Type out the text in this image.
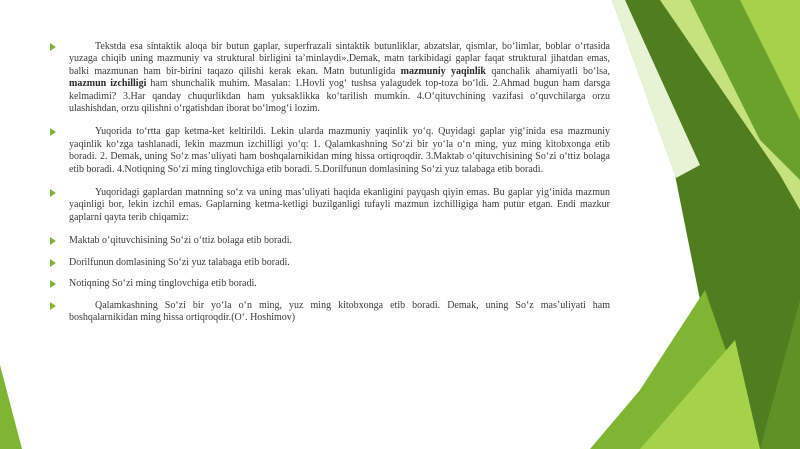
Tekstda esa sintaktik aloqa bir butun gaplar, superfrazali sintaktik butunliklar, abzatslar, qismlar, bo‘limlar, boblar o‘rtasida yuzaga chiqib uning mazmuniy va struktural birligini ta’minlaydi».Demak, matn tarkibidagi gaplar faqat struktural jihatdan emas, balki mazmunan ham bir-birini taqazo qilishi kerak ekan. Matn butunligida mazmuniy yaqinlik qanchalik ahamiyatli bo‘lsa, mazmun izchilligi ham shunchalik muhim. Masalan: 1.Hovli yog‘ tushsa yalagudek top-toza bo‘ldi. 2.Ahmad bugun ham darsga kelmadimi? 3.Har qanday chuqurlikdan ham yuksaklikka ko‘tarilish mumkin. 4.O‘qituvchining vazifasi o‘quvchilarga orzu ulashishdan, orzu qilishni o‘rgatishdan iborat bo‘lmog‘i lozim.

Yuqorida to‘rtta gap ketma-ket keltirildi. Lekin ularda mazmuniy yaqinlik yo‘q. Quyidagi gaplar yig‘inida esa mazmuniy yaqinlik ko‘zga tashlanadi, lekin mazmun izchilligi yo‘q: 1. Qalamkashning So‘zi bir yo‘la o‘n ming, yuz ming kitobxonga etib boradi. 2. Demak, uning So‘z mas’uliyati ham boshqalarnikidan ming hissa ortiqroqdir. 3.Maktab o‘qituvchisining So‘zi o‘ttiz bolaga etib boradi. 4.Notiqning So‘zi ming tinglovchiga etib boradi. 5.Dorilfunun domlasining So‘zi yuz talabaga etib boradi.

Yuqoridagi gaplardan matnning so‘z va uning mas’uliyati haqida ekanligini payqash qiyin emas. Bu gaplar yig‘inida mazmun yaqinligi bor, lekin izchil emas. Gaplarning ketma-ketligi buzilganligi tufayli mazmun izchilligiga ham putur etgan. Endi mazkur gaplarni qayta terib chiqamiz:

Maktab o‘qituvchisining So‘zi o‘ttiz bolaga etib boradi.

Dorilfunun domlasining So‘zi yuz talabaga etib boradi.

Notiqning So‘zi ming tinglovchiga etib boradi.

Qalamkashning So‘zi bir yo‘la o‘n ming, yuz ming kitobxonga etib boradi. Demak, uning So‘z mas’uliyati ham boshqalarnikidan ming hissa ortiqroqdir.(O‘. Hoshimov)
